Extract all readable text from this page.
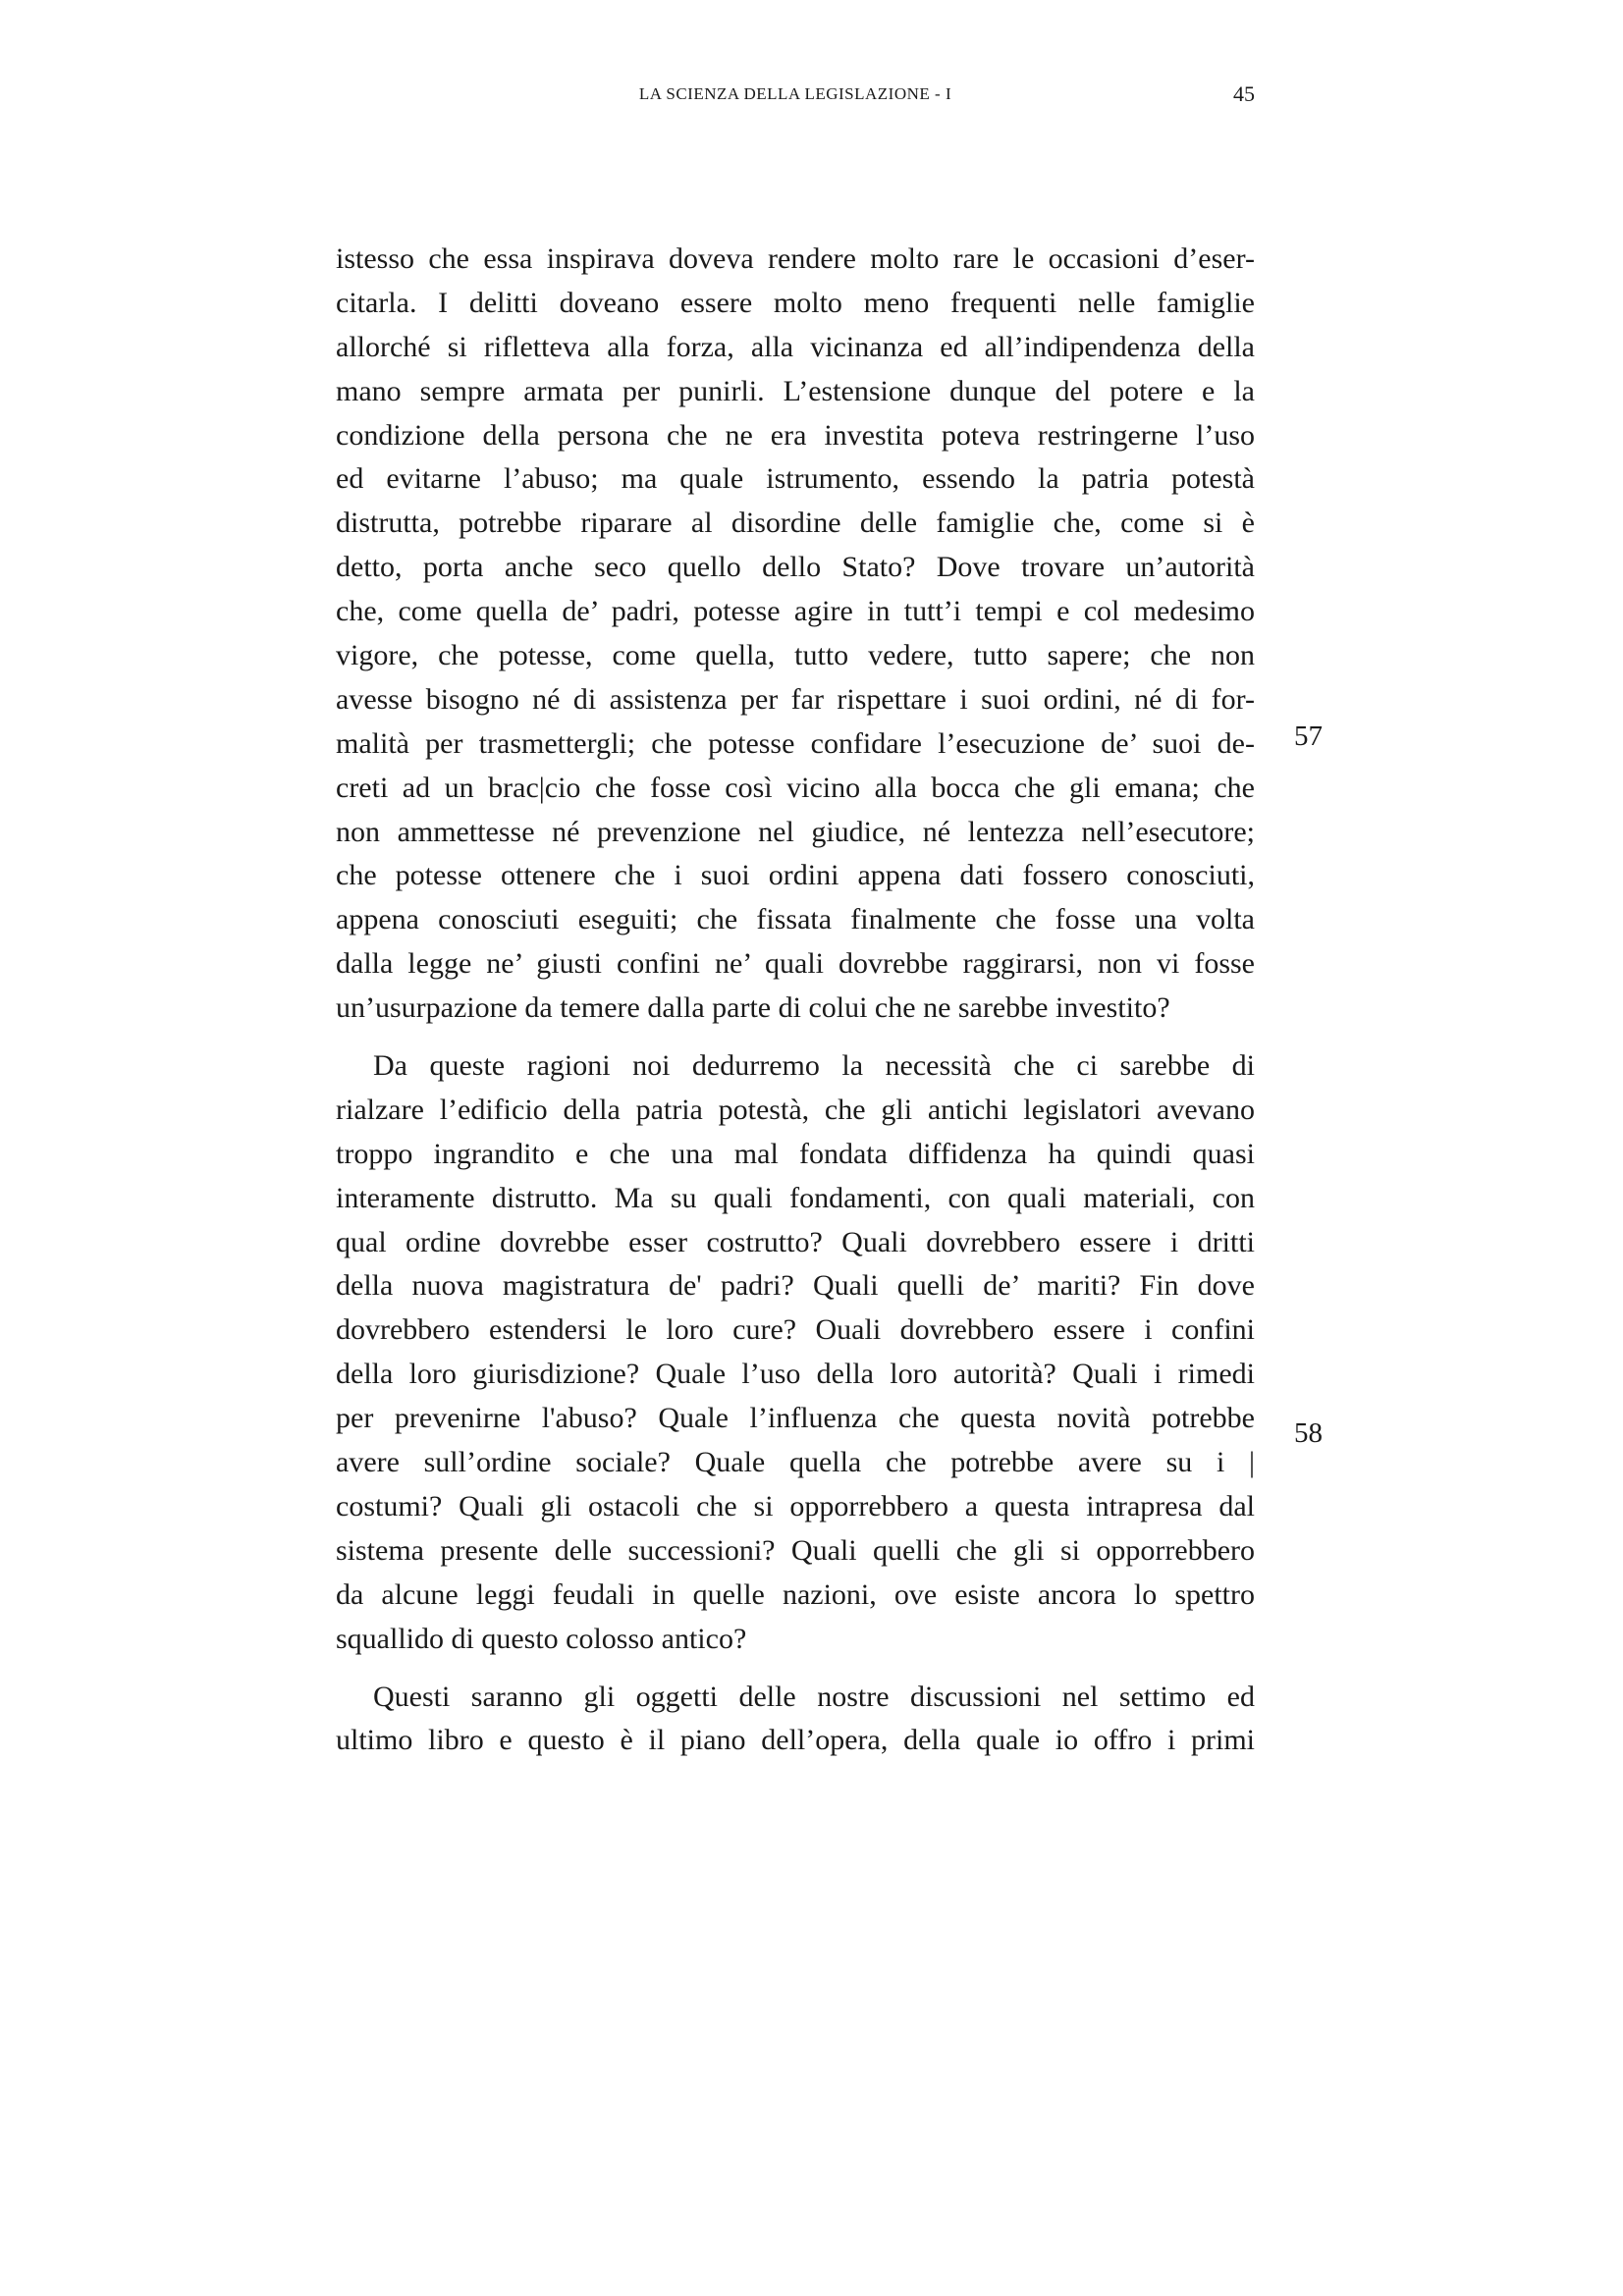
LA SCIENZA DELLA LEGISLAZIONE - I	45
istesso che essa inspirava doveva rendere molto rare le occasioni d’eser-
citarla. I delitti doveano essere molto meno frequenti nelle famiglie
allorché si rifletteva alla forza, alla vicinanza ed all’indipendenza della
mano sempre armata per punirli. L’estensione dunque del potere e la
condizione della persona che ne era investita poteva restringerne l’uso
ed evitarne l’abuso; ma quale istrumento, essendo la patria potestà
distrutta, potrebbe riparare al disordine delle famiglie che, come si è
detto, porta anche seco quello dello Stato? Dove trovare un’autorità
che, come quella de’ padri, potesse agire in tutt’i tempi e col medesimo
vigore, che potesse, come quella, tutto vedere, tutto sapere; che non
avesse bisogno né di assistenza per far rispettare i suoi ordini, né di for-
malità per trasmettergli; che potesse confidare l’esecuzione de’ suoi de-
creti ad un brac|cio che fosse così vicino alla bocca che gli emana; che
non ammettesse né prevenzione nel giudice, né lentezza nell’esecutore;
che potesse ottenere che i suoi ordini appena dati fossero conosciuti,
appena conosciuti eseguiti; che fissata finalmente che fosse una volta
dalla legge ne’ giusti confini ne’ quali dovrebbe raggirarsi, non vi fosse
un’usurpazione da temere dalla parte di colui che ne sarebbe investito?
Da queste ragioni noi dedurremo la necessità che ci sarebbe di
rialzare l’edificio della patria potestà, che gli antichi legislatori avevano
troppo ingrandito e che una mal fondata diffidenza ha quindi quasi
interamente distrutto. Ma su quali fondamenti, con quali materiali, con
qual ordine dovrebbe esser costrutto? Quali dovrebbero essere i dritti
della nuova magistratura de' padri? Quali quelli de’ mariti? Fin dove
dovrebbero estendersi le loro cure? Ouali dovrebbero essere i confini
della loro giurisdizione? Quale l’uso della loro autorità? Quali i rimedi
per prevenirne l'abuso? Quale l’influenza che questa novità potrebbe
avere sull’ordine sociale? Quale quella che potrebbe avere su i |
costumi? Quali gli ostacoli che si opporrebbero a questa intrapresa dal
sistema presente delle successioni? Quali quelli che gli si opporrebbero
da alcune leggi feudali in quelle nazioni, ove esiste ancora lo spettro
squallido di questo colosso antico?
Questi saranno gli oggetti delle nostre discussioni nel settimo ed
ultimo libro e questo è il piano dell’opera, della quale io offro i primi
57
58
